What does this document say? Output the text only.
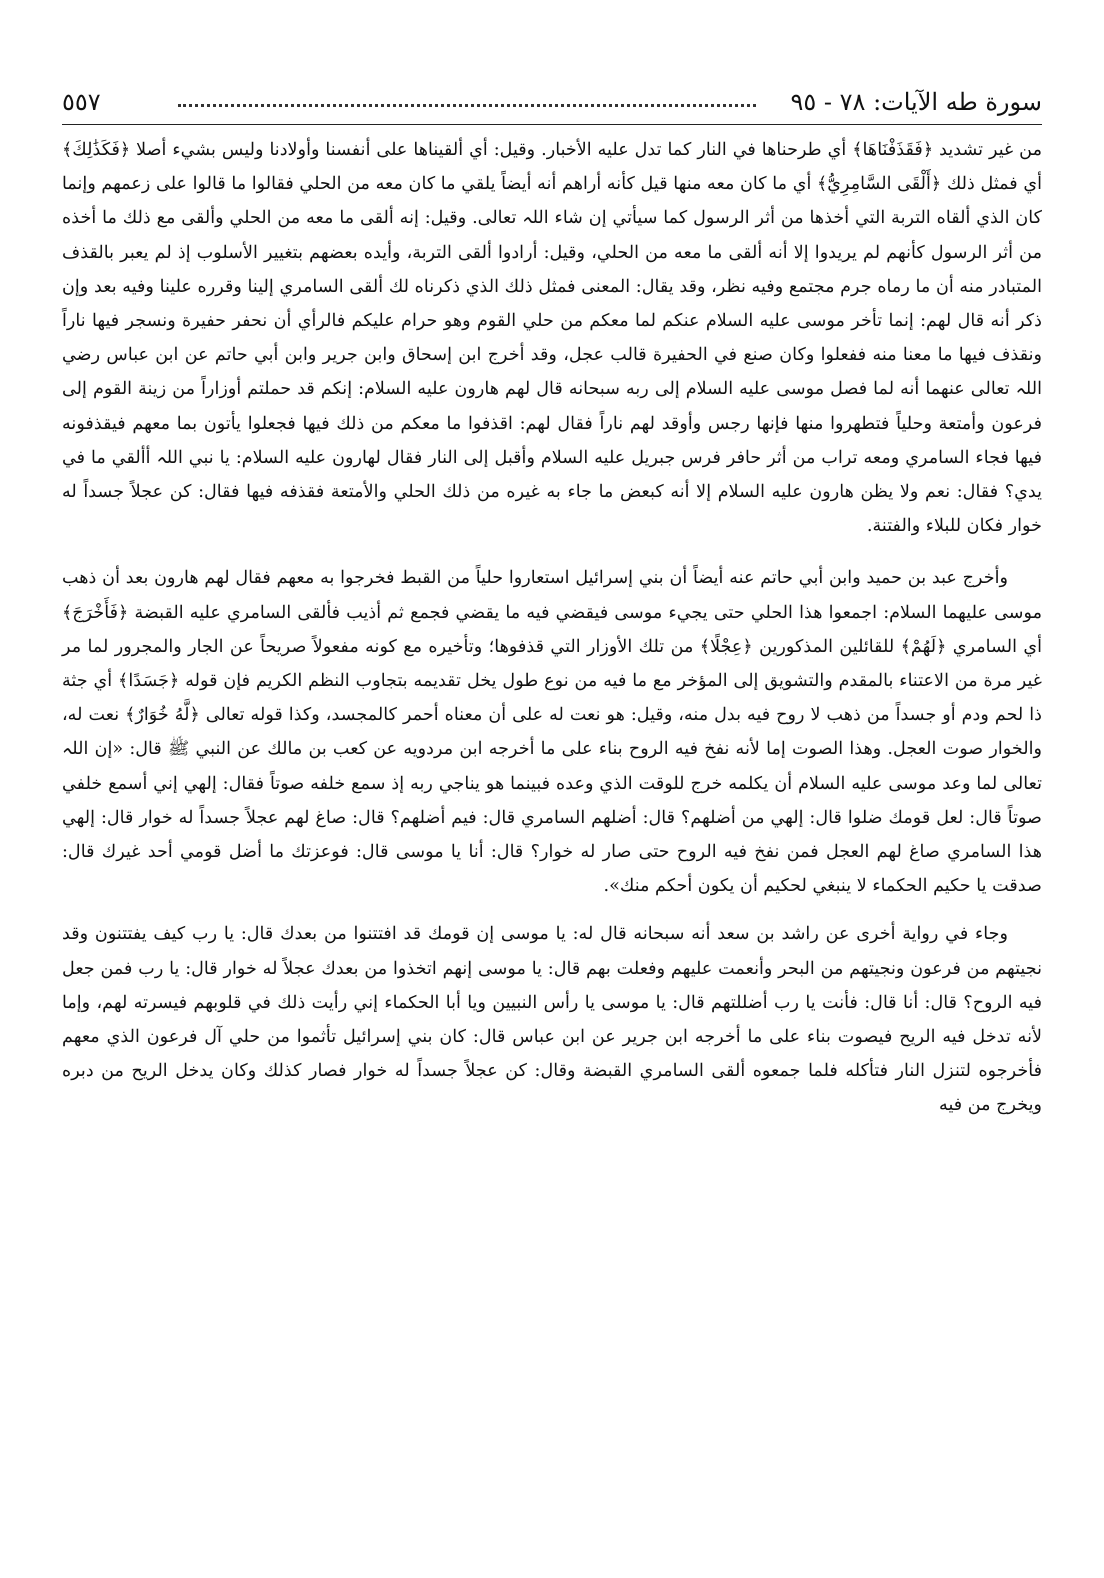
سورة طه الآيات: ٧٨ - ٩٥
٥٥٧

من غير تشديد ﴿فَقَذَفْنَاهَا﴾ أي طرحناها في النار كما تدل عليه الأخبار. وقيل: أي ألقيناها على أنفسنا وأولادنا وليس بشيء أصلا ﴿فَكَذَٰلِكَ﴾ أي فمثل ذلك ﴿أَلْقَى السَّامِرِيُّ﴾ أي ما كان معه منها قيل كأنه أراهم أنه أيضاً يلقي ما كان معه من الحلي فقالوا ما قالوا على زعمهم وإنما كان الذي ألقاه التربة التي أخذها من أثر الرسول كما سيأتي إن شاء اللہ تعالى. وقيل: إنه ألقى ما معه من الحلي وألقى مع ذلك ما أخذه من أثر الرسول كأنهم لم يريدوا إلا أنه ألقى ما معه من الحلي، وقيل: أرادوا ألقى التربة، وأيده بعضهم بتغيير الأسلوب إذ لم يعبر بالقذف المتبادر منه أن ما رماه جرم مجتمع وفيه نظر، وقد يقال: المعنى فمثل ذلك الذي ذكرناه لك ألقى السامري إلينا وقرره علينا وفيه بعد وإن ذكر أنه قال لهم: إنما تأخر موسى عليه السلام عنكم لما معكم من حلي القوم وهو حرام عليكم فالرأي أن نحفر حفيرة ونسجر فيها ناراً ونقذف فيها ما معنا منه ففعلوا وكان صنع في الحفيرة قالب عجل، وقد أخرج ابن إسحاق وابن جرير وابن أبي حاتم عن ابن عباس رضي اللہ تعالى عنهما أنه لما فصل موسى عليه السلام إلى ربه سبحانه قال لهم هارون عليه السلام: إنكم قد حملتم أوزاراً من زينة القوم إلى فرعون وأمتعة وحلياً فتطهروا منها فإنها رجس وأوقد لهم ناراً فقال لهم: اقذفوا ما معكم من ذلك فيها فجعلوا يأتون بما معهم فيقذفونه فيها فجاء السامري ومعه تراب من أثر حافر فرس جبريل عليه السلام وأقبل إلى النار فقال لهارون عليه السلام: يا نبي اللہ أألقي ما في يدي؟ فقال: نعم ولا يظن هارون عليه السلام إلا أنه كبعض ما جاء به غيره من ذلك الحلي والأمتعة فقذفه فيها فقال: كن عجلاً جسداً له خوار فكان للبلاء والفتنة.

وأخرج عبد بن حميد وابن أبي حاتم عنه أيضاً أن بني إسرائيل استعاروا حلياً من القبط فخرجوا به معهم فقال لهم هارون بعد أن ذهب موسى عليهما السلام: اجمعوا هذا الحلي حتى يجيء موسى فيقضي فيه ما يقضي فجمع ثم أذيب فألقى السامري عليه القبضة ﴿فَأَخْرَجَ﴾ أي السامري ﴿لَهُمْ﴾ للقائلين المذكورين ﴿عِجْلًا﴾ من تلك الأوزار التي قذفوها؛ وتأخيره مع كونه مفعولاً صريحاً عن الجار والمجرور لما مر غير مرة من الاعتناء بالمقدم والتشويق إلى المؤخر مع ما فيه من نوع طول يخل تقديمه بتجاوب النظم الكريم فإن قوله ﴿جَسَدًا﴾ أي جثة ذا لحم ودم أو جسداً من ذهب لا روح فيه بدل منه، وقيل: هو نعت له على أن معناه أحمر كالمجسد، وكذا قوله تعالى ﴿لَّهُ خُوَارٌ﴾ نعت له، والخوار صوت العجل. وهذا الصوت إما لأنه نفخ فيه الروح بناء على ما أخرجه ابن مردويه عن كعب بن مالك عن النبي ﷺ قال: «إن اللہ تعالى لما وعد موسى عليه السلام أن يكلمه خرج للوقت الذي وعده فبينما هو يناجي ربه إذ سمع خلفه صوتاً فقال: إلهي إني أسمع خلفي صوتاً قال: لعل قومك ضلوا قال: إلهي من أضلهم؟ قال: أضلهم السامري قال: فيم أضلهم؟ قال: صاغ لهم عجلاً جسداً له خوار قال: إلهي هذا السامري صاغ لهم العجل فمن نفخ فيه الروح حتى صار له خوار؟ قال: أنا يا موسى قال: فوعزتك ما أضل قومي أحد غيرك قال: صدقت يا حكيم الحكماء لا ينبغي لحكيم أن يكون أحكم منك».

وجاء في رواية أخرى عن راشد بن سعد أنه سبحانه قال له: يا موسى إن قومك قد افتتنوا من بعدك قال: يا رب كيف يفتتنون وقد نجيتهم من فرعون ونجيتهم من البحر وأنعمت عليهم وفعلت بهم قال: يا موسى إنهم اتخذوا من بعدك عجلاً له خوار قال: يا رب فمن جعل فيه الروح؟ قال: أنا قال: فأنت يا رب أضللتهم قال: يا موسى يا رأس النبيين ويا أبا الحكماء إني رأيت ذلك في قلوبهم فيسرته لهم، وإما لأنه تدخل فيه الريح فيصوت بناء على ما أخرجه ابن جرير عن ابن عباس قال: كان بني إسرائيل تأثموا من حلي آل فرعون الذي معهم فأخرجوه لتنزل النار فتأكله فلما جمعوه ألقى السامري القبضة وقال: كن عجلاً جسداً له خوار فصار كذلك وكان يدخل الريح من دبره ويخرج من فيه
